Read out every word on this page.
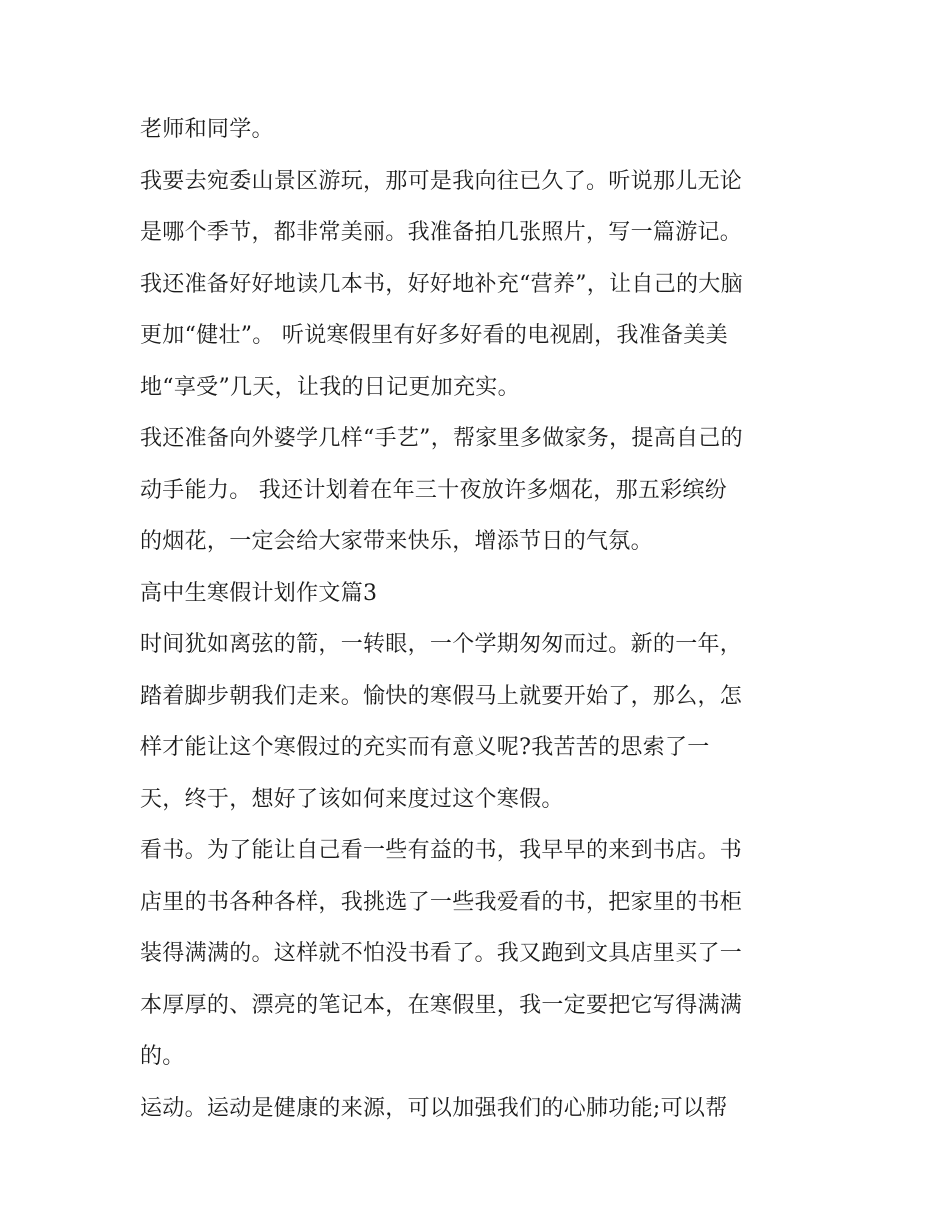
老师和同学。
我要去宛委山景区游玩，那可是我向往已久了。听说那儿无论
是哪个季节，都非常美丽。我准备拍几张照片，写一篇游记。
我还准备好好地读几本书，好好地补充“营养”，让自己的大脑
更加“健壮”。 听说寒假里有好多好看的电视剧，我准备美美
地“享受”几天，让我的日记更加充实。
我还准备向外婆学几样“手艺”，帮家里多做家务，提高自己的
动手能力。 我还计划着在年三十夜放许多烟花，那五彩缤纷
的烟花，一定会给大家带来快乐，增添节日的气氛。
高中生寒假计划作文篇3
时间犹如离弦的箭，一转眼，一个学期匆匆而过。新的一年，
踏着脚步朝我们走来。愉快的寒假马上就要开始了，那么，怎
样才能让这个寒假过的充实而有意义呢?我苦苦的思索了一
天，终于，想好了该如何来度过这个寒假。
看书。为了能让自己看一些有益的书，我早早的来到书店。书
店里的书各种各样，我挑选了一些我爱看的书，把家里的书柜
装得满满的。这样就不怕没书看了。我又跑到文具店里买了一
本厚厚的、漂亮的笔记本，在寒假里，我一定要把它写得满满
的。
运动。运动是健康的来源，可以加强我们的心肺功能;可以帮
